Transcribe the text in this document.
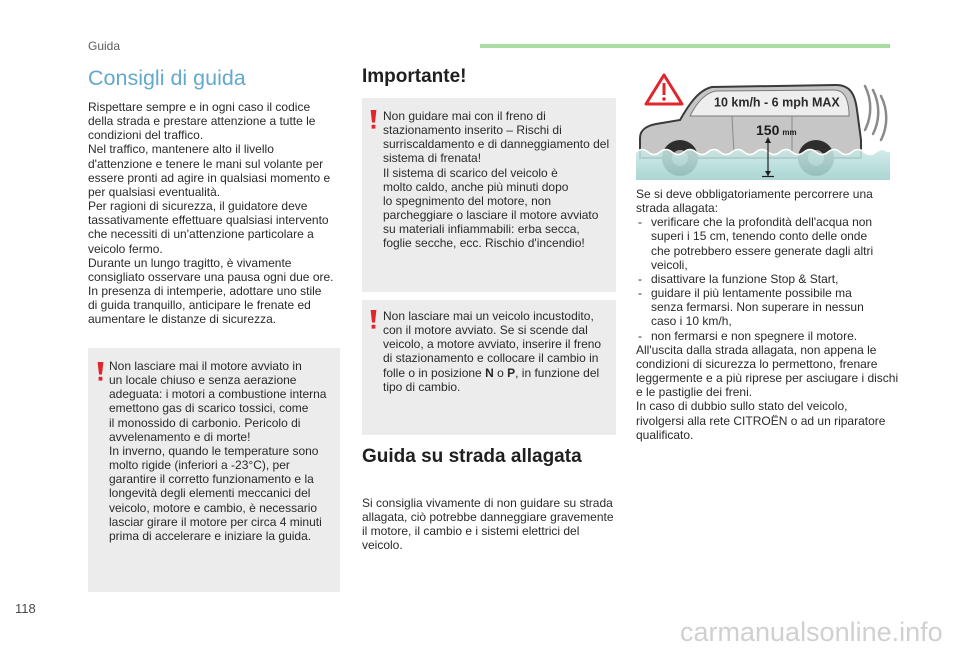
Guida
Consigli di guida
Rispettare sempre e in ogni caso il codice
della strada e prestare attenzione a tutte le
condizioni del traffico.
Nel traffico, mantenere alto il livello
d'attenzione e tenere le mani sul volante per
essere pronti ad agire in qualsiasi momento e
per qualsiasi eventualità.
Per ragioni di sicurezza, il guidatore deve
tassativamente effettuare qualsiasi intervento
che necessiti di un'attenzione particolare a
veicolo fermo.
Durante un lungo tragitto, è vivamente
consigliato osservare una pausa ogni due ore.
In presenza di intemperie, adottare uno stile
di guida tranquillo, anticipare le frenate ed
aumentare le distanze di sicurezza.
Non lasciare mai il motore avviato in
un locale chiuso e senza aerazione
adeguata: i motori a combustione interna
emettono gas di scarico tossici, come
il monossido di carbonio. Pericolo di
avvelenamento e di morte!
In inverno, quando le temperature sono
molto rigide (inferiori a -23°C), per
garantire il corretto funzionamento e la
longevità degli elementi meccanici del
veicolo, motore e cambio, è necessario
lasciar girare il motore per circa 4 minuti
prima di accelerare e iniziare la guida.
Importante!
Non guidare mai con il freno di
stazionamento inserito – Rischi di
surriscaldamento e di danneggiamento del
sistema di frenata!
Il sistema di scarico del veicolo è
molto caldo, anche più minuti dopo
lo spegnimento del motore, non
parcheggiare o lasciare il motore avviato
su materiali infiammabili: erba secca,
foglie secche, ecc. Rischio d'incendio!
Non lasciare mai un veicolo incustodito,
con il motore avviato. Se si scende dal
veicolo, a motore avviato, inserire il freno
di stazionamento e collocare il cambio in
folle o in posizione N o P, in funzione del
tipo di cambio.
Guida su strada allagata
Si consiglia vivamente di non guidare su strada
allagata, ciò potrebbe danneggiare gravemente
il motore, il cambio e i sistemi elettrici del
veicolo.
10 km/h - 6 mph MAX
150 mm
Se si deve obbligatoriamente percorrere una
strada allagata:
- verificare che la profondità dell'acqua non
superi i 15 cm, tenendo conto delle onde
che potrebbero essere generate dagli altri
veicoli,
- disattivare la funzione Stop & Start,
- guidare il più lentamente possibile ma
senza fermarsi. Non superare in nessun
caso i 10 km/h,
- non fermarsi e non spegnere il motore.
All'uscita dalla strada allagata, non appena le
condizioni di sicurezza lo permettono, frenare
leggermente e a più riprese per asciugare i dischi
e le pastiglie dei freni.
In caso di dubbio sullo stato del veicolo,
rivolgersi alla rete CITROËN o ad un riparatore
qualificato.
118
carmanualsonline.info
